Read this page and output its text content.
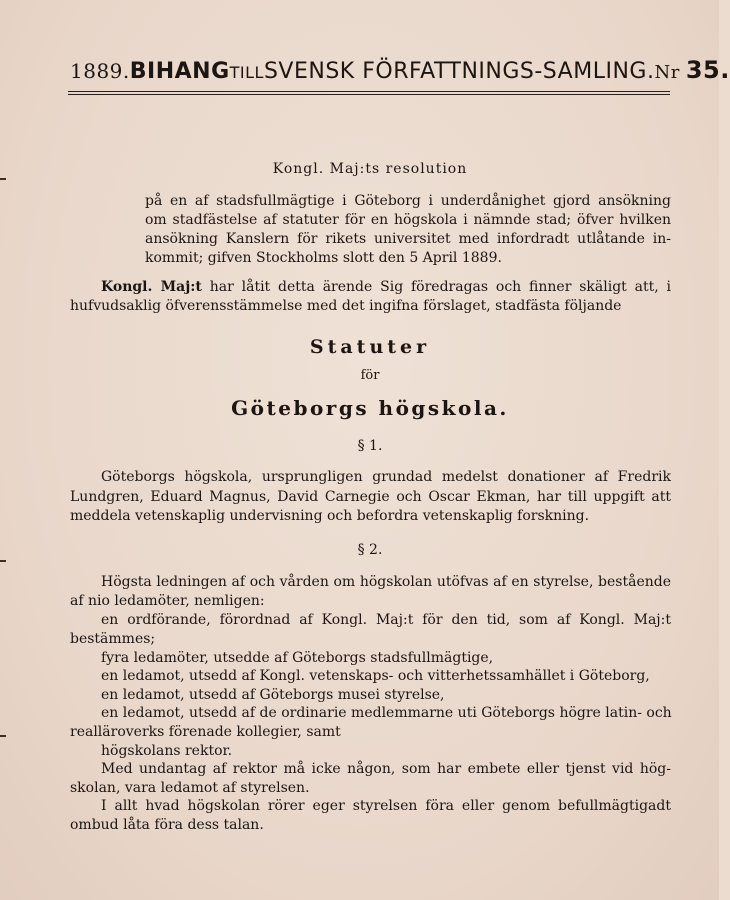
1889. BIHANG TILL SVENSK FÖRFATTNINGS-SAMLING. Nr 35.
Kongl. Maj:ts resolution
på en af stadsfullmägtige i Göteborg i underdånighet gjord ansökning
om stadfästelse af statuter för en högskola i nämnde stad; öfver hvilken
ansökning Kanslern för rikets universitet med infordradt utlåtande in-
kommit; gifven Stockholms slott den 5 April 1889.
Kongl. Maj:t har låtit detta ärende Sig föredragas och finner skäligt att, i
hufvudsaklig öfverensstämmelse med det ingifna förslaget, stadfästa följande
Statuter
för
Göteborgs högskola.
§ 1.
Göteborgs högskola, ursprungligen grundad medelst donationer af Fredrik
Lundgren, Eduard Magnus, David Carnegie och Oscar Ekman, har till uppgift att
meddela vetenskaplig undervisning och befordra vetenskaplig forskning.
§ 2.
Högsta ledningen af och vården om högskolan utöfvas af en styrelse, bestående
af nio ledamöter, nemligen:
en ordförande, förordnad af Kongl. Maj:t för den tid, som af Kongl. Maj:t
bestämmes;
fyra ledamöter, utsedde af Göteborgs stadsfullmägtige,
en ledamot, utsedd af Kongl. vetenskaps- och vitterhetssamhället i Göteborg,
en ledamot, utsedd af Göteborgs musei styrelse,
en ledamot, utsedd af de ordinarie medlemmarne uti Göteborgs högre latin- och
realläroverks förenade kollegier, samt
högskolans rektor.
Med undantag af rektor må icke någon, som har embete eller tjenst vid hög-
skolan, vara ledamot af styrelsen.
I allt hvad högskolan rörer eger styrelsen föra eller genom befullmägtigadt
ombud låta föra dess talan.
